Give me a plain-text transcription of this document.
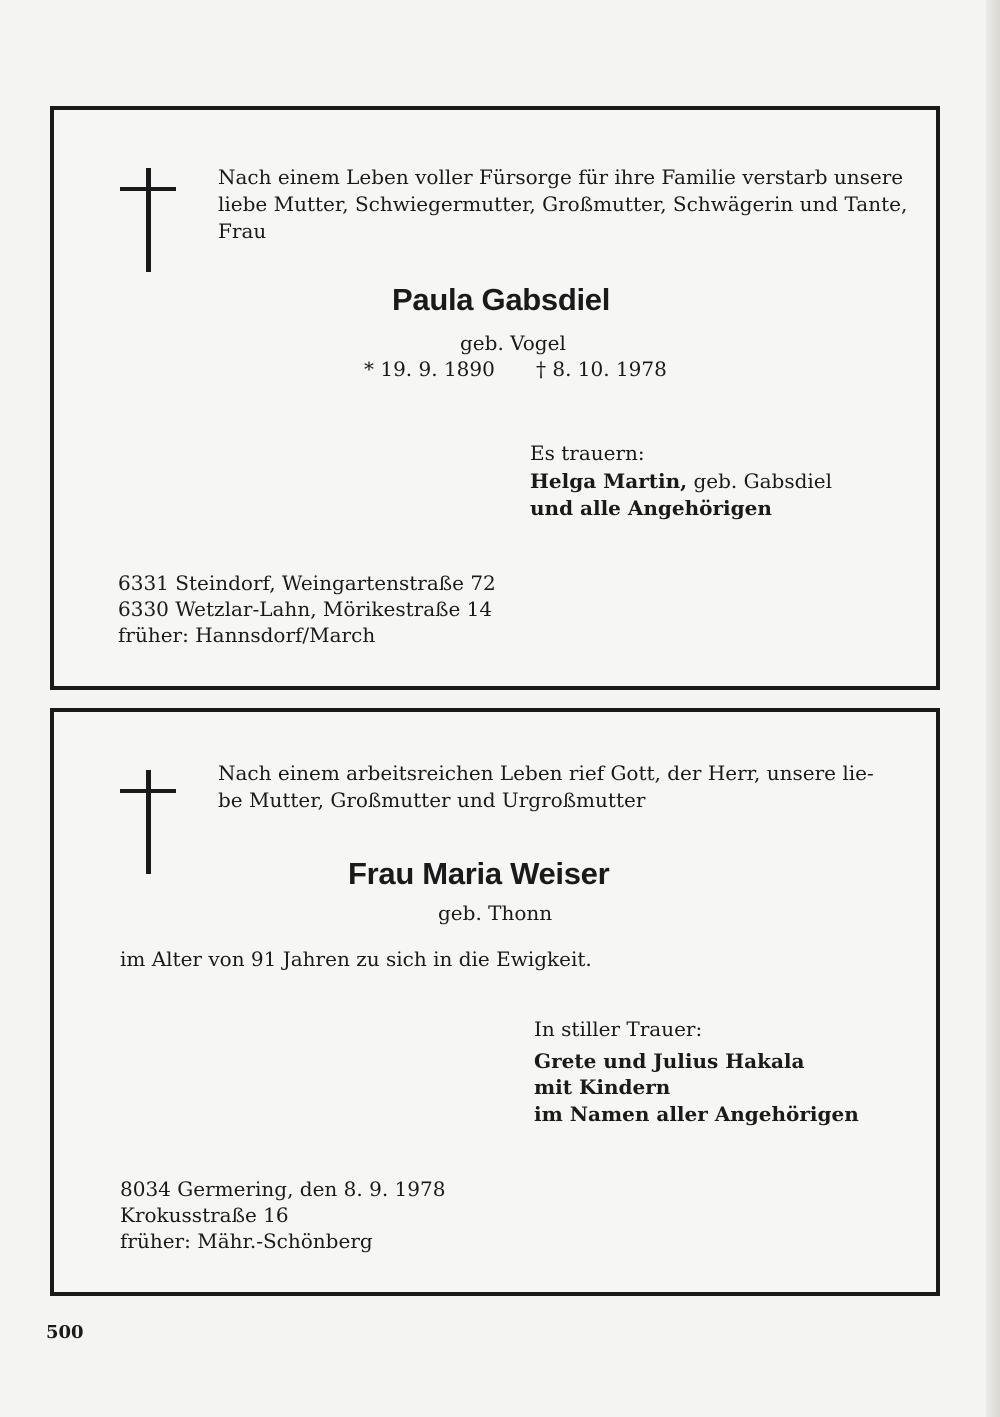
Nach einem Leben voller Fürsorge für ihre Familie verstarb unsere liebe Mutter, Schwiegermutter, Großmutter, Schwägerin und Tante, Frau
Paula Gabsdiel
geb. Vogel
* 19. 9. 1890 † 8. 10. 1978
Es trauern:
Helga Martin, geb. Gabsdiel
und alle Angehörigen
6331 Steindorf, Weingartenstraße 72
6330 Wetzlar-Lahn, Mörikestraße 14
früher: Hannsdorf/March
Nach einem arbeitsreichen Leben rief Gott, der Herr, unsere lie-
be Mutter, Großmutter und Urgroßmutter
Frau Maria Weiser
geb. Thonn
im Alter von 91 Jahren zu sich in die Ewigkeit.
In stiller Trauer:
Grete und Julius Hakala
mit Kindern
im Namen aller Angehörigen
8034 Germering, den 8. 9. 1978
Krokusstraße 16
früher: Mähr.-Schönberg
500
